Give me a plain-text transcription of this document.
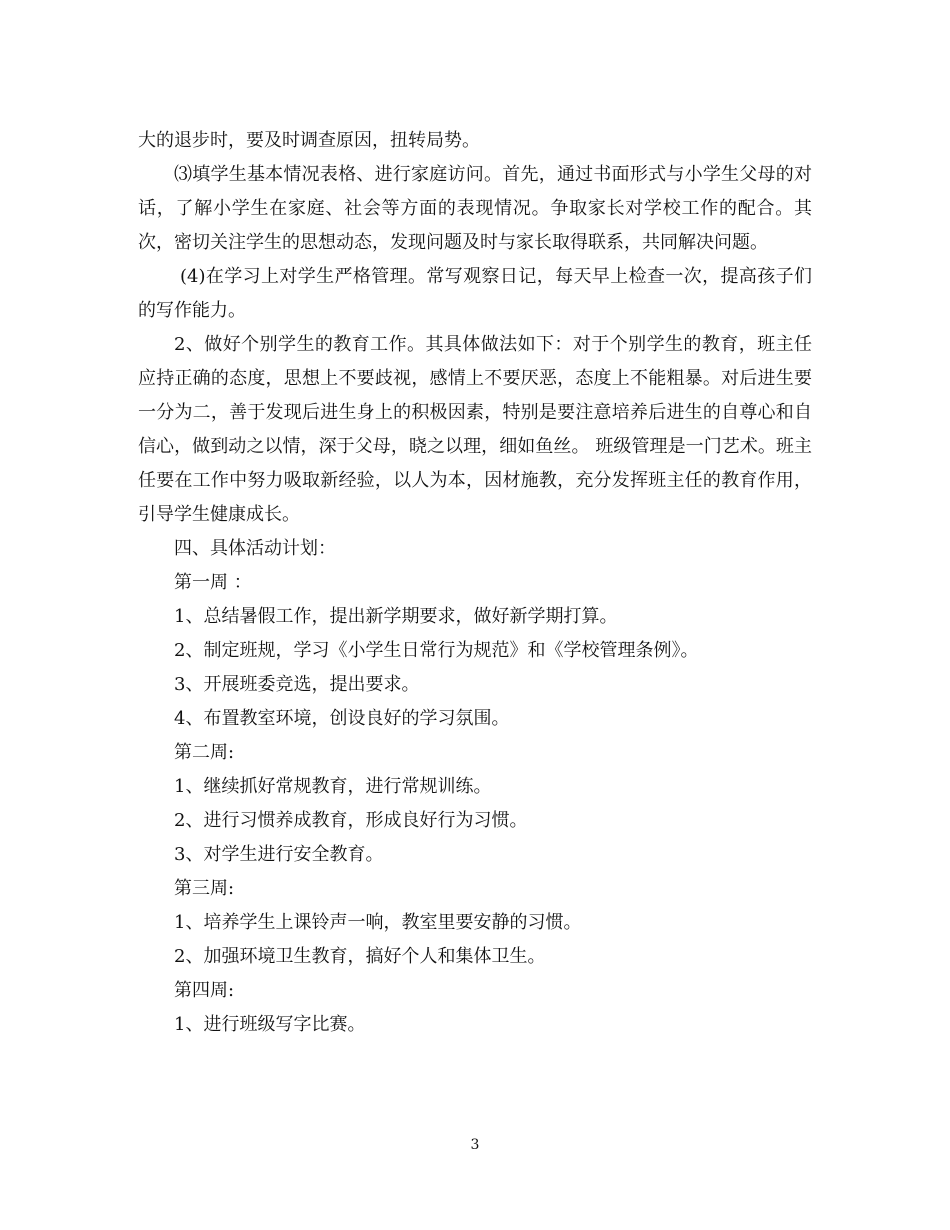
大的退步时，要及时调查原因，扭转局势。

⑶填学生基本情况表格、进行家庭访问。首先，通过书面形式与小学生父母的对话，了解小学生在家庭、社会等方面的表现情况。争取家长对学校工作的配合。其次，密切关注学生的思想动态，发现问题及时与家长取得联系，共同解决问题。

(4)在学习上对学生严格管理。常写观察日记，每天早上检查一次，提高孩子们的写作能力。

2、做好个别学生的教育工作。其具体做法如下：对于个别学生的教育，班主任应持正确的态度，思想上不要歧视，感情上不要厌恶，态度上不能粗暴。对后进生要一分为二，善于发现后进生身上的积极因素，特别是要注意培养后进生的自尊心和自信心，做到动之以情，深于父母，晓之以理，细如鱼丝。 班级管理是一门艺术。班主任要在工作中努力吸取新经验，以人为本，因材施教，充分发挥班主任的教育作用，引导学生健康成长。

四、具体活动计划：

第一周 ：

1、总结暑假工作，提出新学期要求，做好新学期打算。

2、制定班规，学习《小学生日常行为规范》和《学校管理条例》。

3、开展班委竞选，提出要求。

4、布置教室环境，创设良好的学习氛围。

第二周:

1、继续抓好常规教育，进行常规训练。

2、进行习惯养成教育，形成良好行为习惯。

3、对学生进行安全教育。

第三周:

1、培养学生上课铃声一响，教室里要安静的习惯。

2、加强环境卫生教育，搞好个人和集体卫生。

第四周:

1、进行班级写字比赛。

3
